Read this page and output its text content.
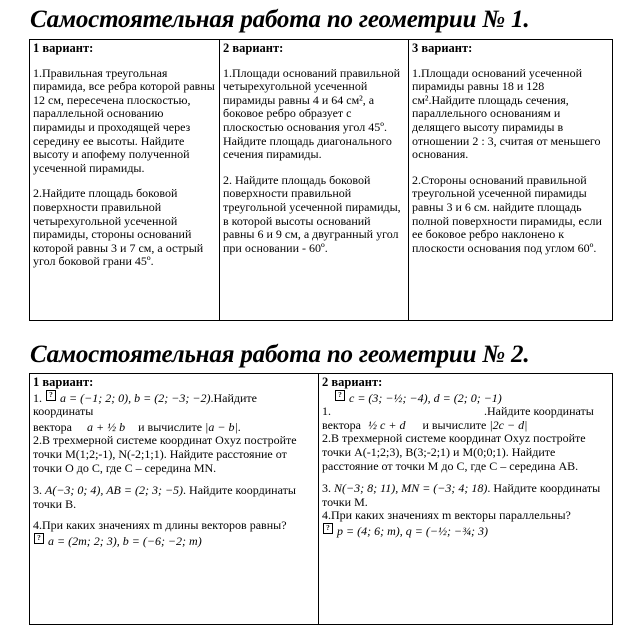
Самостоятельная работа по геометрии № 1.
1 вариант:

1.Правильная треугольная пирамида, все ребра которой равны 12 см, пересечена плоскостью, параллельной основанию пирамиды и проходящей через середину ее высоты. Найдите высоту и апофему полученной усеченной пирамиды.

2.Найдите площадь боковой поверхности правильной четырехугольной усеченной пирамиды, стороны оснований которой равны 3 и 7 см, а острый угол боковой грани 45º.

2 вариант:

1.Площади оснований правильной четырехугольной усеченной пирамиды равны 4 и 64 см², а боковое ребро образует с плоскостью основания угол 45º. Найдите площадь диагонального сечения пирамиды.

2. Найдите площадь боковой поверхности правильной треугольной усеченной пирамиды, в которой высоты оснований равны 6 и 9 см, а двугранный угол при основании - 60º.

3 вариант:

1.Площади оснований усеченной пирамиды равны 18 и 128 см².Найдите площадь сечения, параллельного основаниям и делящего высоту пирамиды в отношении 2 : 3, считая от меньшего основания.

2.Стороны оснований правильной треугольной усеченной пирамиды равны 3 и 6 см. найдите площадь полной поверхности пирамиды, если ее боковое ребро наклонено к плоскости основания под углом 60º.

Самостоятельная работа по геометрии № 2.
1 вариант:

1. ? a = (−1; 2; 0), b = (2; −3; −2).Найдите координаты

вектора a + ½ b и вычислите |a − b|.

2.В трехмерной системе координат Oxyz постройте точки M(1;2;-1), N(-2;1;1). Найдите расстояние от точки О до С, где С – середина MN.

3. A(−3; 0; 4), AB = (2; 3; −5). Найдите координаты точки B.

4.При каких значениях m длины векторов равны?
? a = (2m; 2; 3), b = (−6; −2; m)

2 вариант:

? c = (3; −½; −4), d = (2; 0; −1)

1.	.Найдите координаты

вектора ½ c + d и вычислите |2c − d|

2.В трехмерной системе координат Oxyz постройте точки A(-1;2;3), B(3;-2;1) и M(0;0;1). Найдите расстояние от точки M до C, где C – середина AB.

3. N(−3; 8; 11), MN = (−3; 4; 18). Найдите координаты точки M.

4.При каких значениях m векторы параллельны?
? p = (4; 6; m), q = (−½; −¾; 3)
